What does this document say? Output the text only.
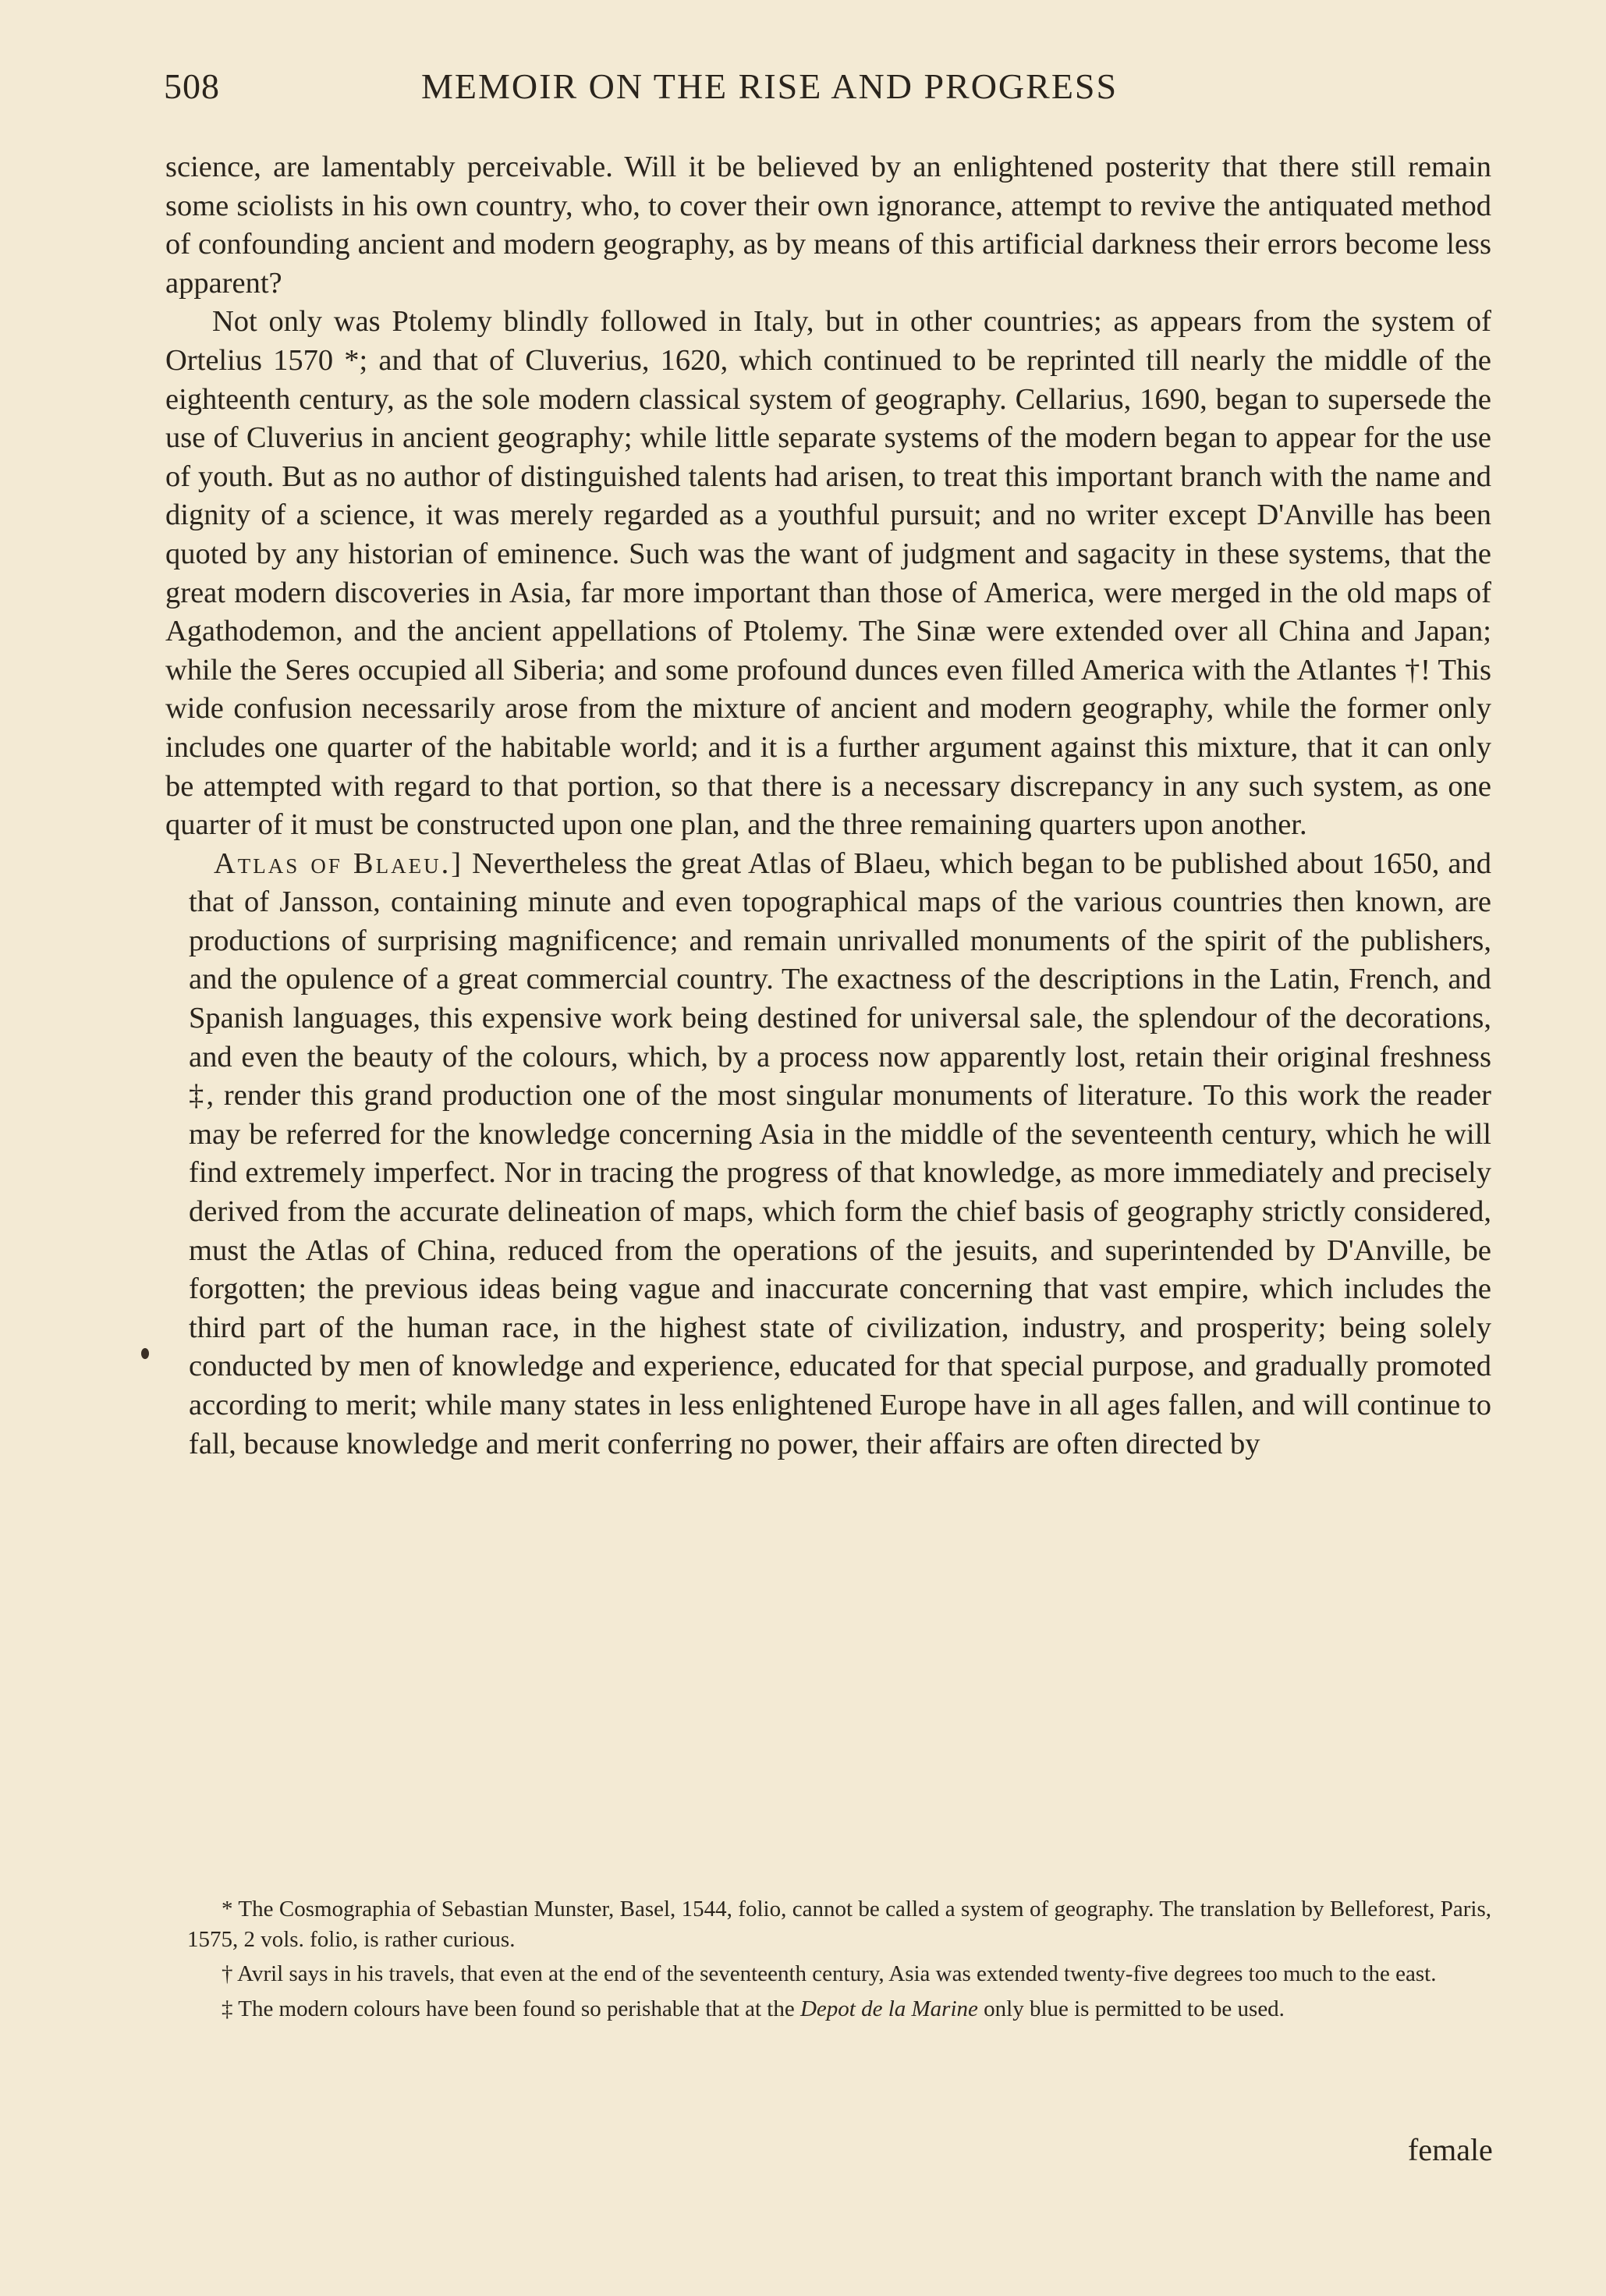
508	MEMOIR ON THE RISE AND PROGRESS

science, are lamentably perceivable. Will it be believed by an enlightened posterity that there still remain some sciolists in his own country, who, to cover their own ignorance, attempt to revive the antiquated method of confounding ancient and modern geography, as by means of this artificial darkness their errors become less apparent?

Not only was Ptolemy blindly followed in Italy, but in other countries; as appears from the system of Ortelius 1570 *; and that of Cluverius, 1620, which continued to be reprinted till nearly the middle of the eighteenth century, as the sole modern classical system of geography. Cellarius, 1690, began to supersede the use of Cluverius in ancient geography; while little separate systems of the modern began to appear for the use of youth. But as no author of distinguished talents had arisen, to treat this important branch with the name and dignity of a science, it was merely regarded as a youthful pursuit; and no writer except D'Anville has been quoted by any historian of eminence. Such was the want of judgment and sagacity in these systems, that the great modern discoveries in Asia, far more important than those of America, were merged in the old maps of Agathodemon, and the ancient appellations of Ptolemy. The Sinæ were extended over all China and Japan; while the Seres occupied all Siberia; and some profound dunces even filled America with the Atlantes †! This wide confusion necessarily arose from the mixture of ancient and modern geography, while the former only includes one quarter of the habitable world; and it is a further argument against this mixture, that it can only be attempted with regard to that portion, so that there is a necessary discrepancy in any such system, as one quarter of it must be constructed upon one plan, and the three remaining quarters upon another.

Atlas of Blaeu.] Nevertheless the great Atlas of Blaeu, which began to be published about 1650, and that of Jansson, containing minute and even topographical maps of the various countries then known, are productions of surprising magnificence; and remain unrivalled monuments of the spirit of the publishers, and the opulence of a great commercial country. The exactness of the descriptions in the Latin, French, and Spanish languages, this expensive work being destined for universal sale, the splendour of the decorations, and even the beauty of the colours, which, by a process now apparently lost, retain their original freshness ‡, render this grand production one of the most singular monuments of literature. To this work the reader may be referred for the knowledge concerning Asia in the middle of the seventeenth century, which he will find extremely imperfect. Nor in tracing the progress of that knowledge, as more immediately and precisely derived from the accurate delineation of maps, which form the chief basis of geography strictly considered, must the Atlas of China, reduced from the operations of the jesuits, and superintended by D'Anville, be forgotten; the previous ideas being vague and inaccurate concerning that vast empire, which includes the third part of the human race, in the highest state of civilization, industry, and prosperity; being solely conducted by men of knowledge and experience, educated for that special purpose, and gradually promoted according to merit; while many states in less enlightened Europe have in all ages fallen, and will continue to fall, because knowledge and merit conferring no power, their affairs are often directed by

* The Cosmographia of Sebastian Munster, Basel, 1544, folio, cannot be called a system of geography. The translation by Belleforest, Paris, 1575, 2 vols. folio, is rather curious.

† Avril says in his travels, that even at the end of the seventeenth century, Asia was extended twenty-five degrees too much to the east.

‡ The modern colours have been found so perishable that at the Depot de la Marine only blue is permitted to be used.

female
